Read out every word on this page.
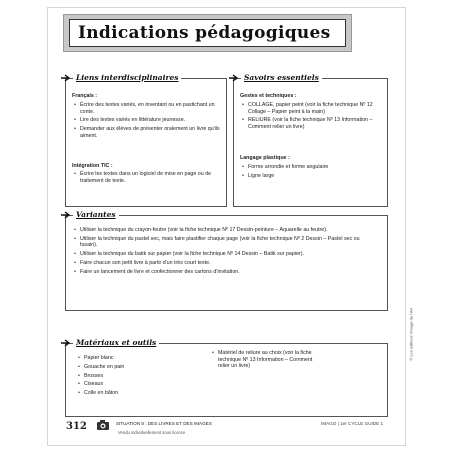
Indications pédagogiques
Français :
• Écrire des textes variés, en inventant ou en pastichant un conte.
• Lire des textes variés en littérature jeunesse.
• Demander aux élèves de présenter oralement un livre qu'ils aiment.
Intégration TIC :
• Écrire les textes dans un logiciel de mise en page ou de traitement de texte.
Liens interdisciplinaires
Gestes et techniques :
• COLLAGE, papier peint (voir la fiche technique Nº 12 Collage – Papier peint à la main)
• RELIURE (voir la fiche technique Nº 13 Information – Comment relier un livre)
Langage plastique :
• Forme arrondie et forme angulaire
• Ligne large
Savoirs essentiels
• Utiliser la technique du crayon-feutre (voir la fiche technique Nº 17 Dessin-peinture – Aquarelle au feutre).
• Utiliser la technique du pastel sec, mais faire plastifier chaque page (voir la fiche technique Nº 2 Dessin – Pastel sec ou fusain).
• Utiliser la technique du batik sur papier (voir la fiche technique Nº 14 Dessin – Batik sur papier).
• Faire chacun son petit livre à partir d'un très court texte.
• Faire un lancement de livre et confectionner des cartons d'invitation.
Variantes
• Papier blanc
• Gouache en pain
• Brosses
• Ciseaux
• Colle en bâton
• Matériel de reliure au choix (voir la fiche technique Nº 13 Information – Comment relier un livre)
Matériaux et outils	© Les éditions l'Image de l'Art
312	SITUATION 8 : DES LIVRES ET DES IMAGES	IMAGO | 1er CYCLE GUIDE 1
Vendu individuellement sous licence
